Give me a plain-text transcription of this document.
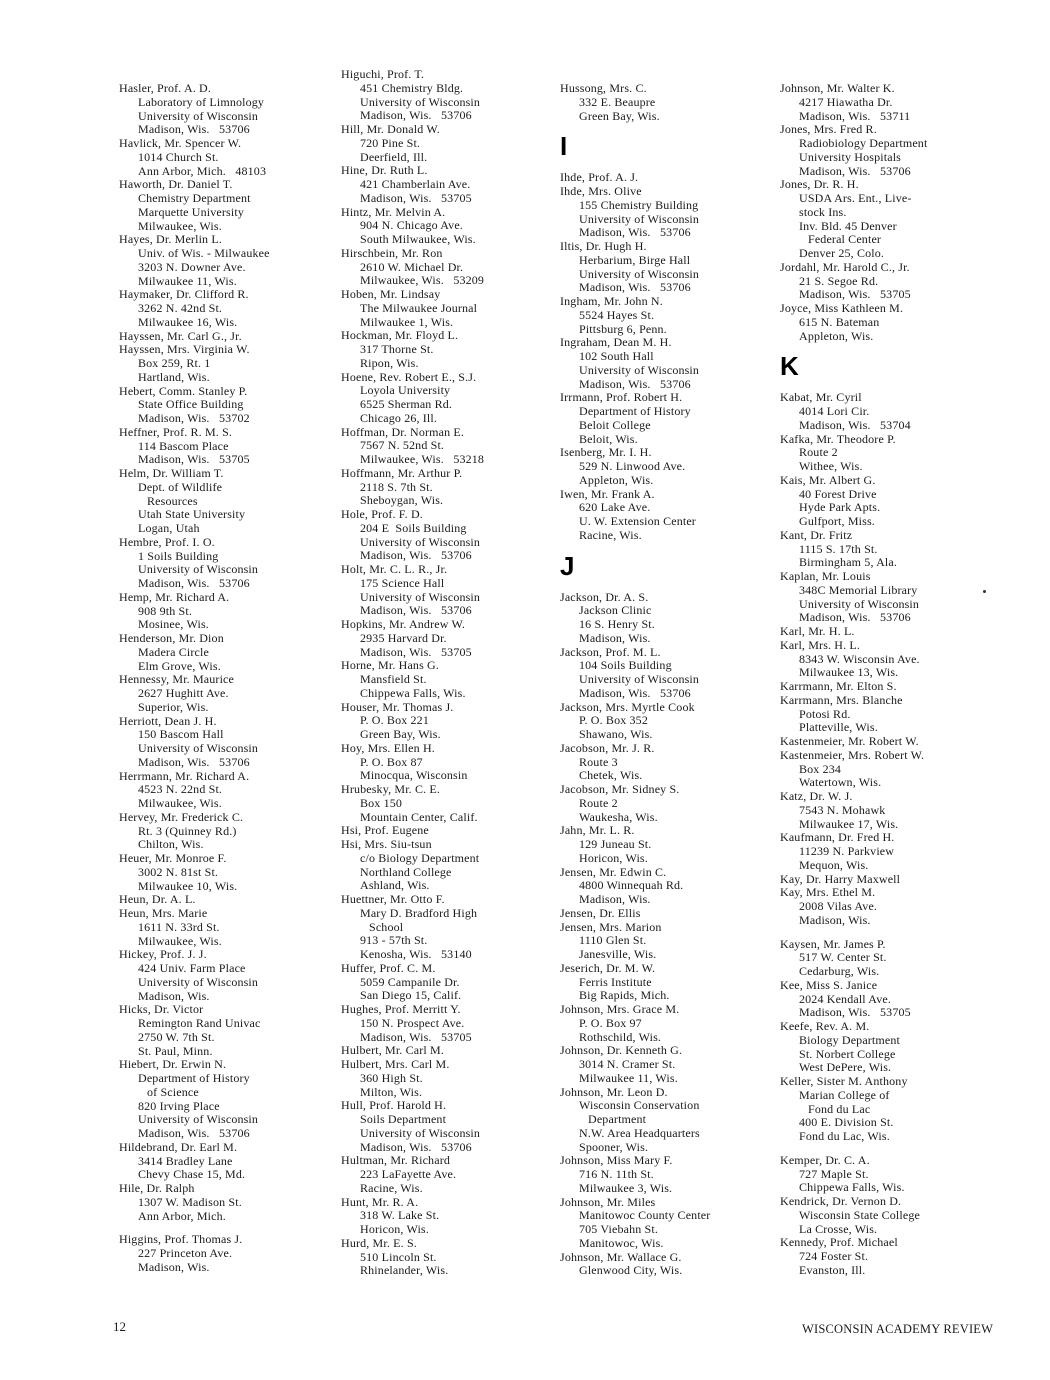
Hasler, Prof. A. D.
Laboratory of Limnology
University of Wisconsin
Madison, Wis.   53706
Havlick, Mr. Spencer W.
1014 Church St.
Ann Arbor, Mich.   48103
Haworth, Dr. Daniel T.
Chemistry Department
Marquette University
Milwaukee, Wis.
Hayes, Dr. Merlin L.
Univ. of Wis. - Milwaukee
3203 N. Downer Ave.
Milwaukee 11, Wis.
Haymaker, Dr. Clifford R.
3262 N. 42nd St.
Milwaukee 16, Wis.
Hayssen, Mr. Carl G., Jr.
Hayssen, Mrs. Virginia W.
Box 259, Rt. 1
Hartland, Wis.
Hebert, Comm. Stanley P.
State Office Building
Madison, Wis.   53702
Heffner, Prof. R. M. S.
114 Bascom Place
Madison, Wis.   53705
Helm, Dr. William T.
Dept. of Wildlife
Resources
Utah State University
Logan, Utah
Hembre, Prof. I. O.
1 Soils Building
University of Wisconsin
Madison, Wis.   53706
Hemp, Mr. Richard A.
908 9th St.
Mosinee, Wis.
Henderson, Mr. Dion
Madera Circle
Elm Grove, Wis.
Hennessy, Mr. Maurice
2627 Hughitt Ave.
Superior, Wis.
Herriott, Dean J. H.
150 Bascom Hall
University of Wisconsin
Madison, Wis.   53706
Herrmann, Mr. Richard A.
4523 N. 22nd St.
Milwaukee, Wis.
Hervey, Mr. Frederick C.
Rt. 3 (Quinney Rd.)
Chilton, Wis.
Heuer, Mr. Monroe F.
3002 N. 81st St.
Milwaukee 10, Wis.
Heun, Dr. A. L.
Heun, Mrs. Marie
1611 N. 33rd St.
Milwaukee, Wis.
Hickey, Prof. J. J.
424 Univ. Farm Place
University of Wisconsin
Madison, Wis.
Hicks, Dr. Victor
Remington Rand Univac
2750 W. 7th St.
St. Paul, Minn.
Hiebert, Dr. Erwin N.
Department of History
of Science
820 Irving Place
University of Wisconsin
Madison, Wis.   53706
Hildebrand, Dr. Earl M.
3414 Bradley Lane
Chevy Chase 15, Md.
Hile, Dr. Ralph
1307 W. Madison St.
Ann Arbor, Mich.
Higgins, Prof. Thomas J.
227 Princeton Ave.
Madison, Wis.
Higuchi, Prof. T.
451 Chemistry Bldg.
University of Wisconsin
Madison, Wis.   53706
Hill, Mr. Donald W.
720 Pine St.
Deerfield, Ill.
Hine, Dr. Ruth L.
421 Chamberlain Ave.
Madison, Wis.   53705
Hintz, Mr. Melvin A.
904 N. Chicago Ave.
South Milwaukee, Wis.
Hirschbein, Mr. Ron
2610 W. Michael Dr.
Milwaukee, Wis.   53209
Hoben, Mr. Lindsay
The Milwaukee Journal
Milwaukee 1, Wis.
Hockman, Mr. Floyd L.
317 Thorne St.
Ripon, Wis.
Hoene, Rev. Robert E., S.J.
Loyola University
6525 Sherman Rd.
Chicago 26, Ill.
Hoffman, Dr. Norman E.
7567 N. 52nd St.
Milwaukee, Wis.   53218
Hoffmann, Mr. Arthur P.
2118 S. 7th St.
Sheboygan, Wis.
Hole, Prof. F. D.
204 E  Soils Building
University of Wisconsin
Madison, Wis.   53706
Holt, Mr. C. L. R., Jr.
175 Science Hall
University of Wisconsin
Madison, Wis.   53706
Hopkins, Mr. Andrew W.
2935 Harvard Dr.
Madison, Wis.   53705
Horne, Mr. Hans G.
Mansfield St.
Chippewa Falls, Wis.
Houser, Mr. Thomas J.
P. O. Box 221
Green Bay, Wis.
Hoy, Mrs. Ellen H.
P. O. Box 87
Minocqua, Wisconsin
Hrubesky, Mr. C. E.
Box 150
Mountain Center, Calif.
Hsi, Prof. Eugene
Hsi, Mrs. Siu-tsun
c/o Biology Department
Northland College
Ashland, Wis.
Huettner, Mr. Otto F.
Mary D. Bradford High
School
913 - 57th St.
Kenosha, Wis.   53140
Huffer, Prof. C. M.
5059 Campanile Dr.
San Diego 15, Calif.
Hughes, Prof. Merritt Y.
150 N. Prospect Ave.
Madison, Wis.   53705
Hulbert, Mr. Carl M.
Hulbert, Mrs. Carl M.
360 High St.
Milton, Wis.
Hull, Prof. Harold H.
Soils Department
University of Wisconsin
Madison, Wis.   53706
Hultman, Mr. Richard
223 LaFayette Ave.
Racine, Wis.
Hunt, Mr. R. A.
318 W. Lake St.
Horicon, Wis.
Hurd, Mr. E. S.
510 Lincoln St.
Rhinelander, Wis.
Hussong, Mrs. C.
332 E. Beaupre
Green Bay, Wis.
I
Ihde, Prof. A. J.
Ihde, Mrs. Olive
155 Chemistry Building
University of Wisconsin
Madison, Wis.   53706
Iltis, Dr. Hugh H.
Herbarium, Birge Hall
University of Wisconsin
Madison, Wis.   53706
Ingham, Mr. John N.
5524 Hayes St.
Pittsburg 6, Penn.
Ingraham, Dean M. H.
102 South Hall
University of Wisconsin
Madison, Wis.   53706
Irrmann, Prof. Robert H.
Department of History
Beloit College
Beloit, Wis.
Isenberg, Mr. I. H.
529 N. Linwood Ave.
Appleton, Wis.
Iwen, Mr. Frank A.
620 Lake Ave.
U. W. Extension Center
Racine, Wis.
J
Jackson, Dr. A. S.
Jackson Clinic
16 S. Henry St.
Madison, Wis.
Jackson, Prof. M. L.
104 Soils Building
University of Wisconsin
Madison, Wis.   53706
Jackson, Mrs. Myrtle Cook
P. O. Box 352
Shawano, Wis.
Jacobson, Mr. J. R.
Route 3
Chetek, Wis.
Jacobson, Mr. Sidney S.
Route 2
Waukesha, Wis.
Jahn, Mr. L. R.
129 Juneau St.
Horicon, Wis.
Jensen, Mr. Edwin C.
4800 Winnequah Rd.
Madison, Wis.
Jensen, Dr. Ellis
Jensen, Mrs. Marion
1110 Glen St.
Janesville, Wis.
Jeserich, Dr. M. W.
Ferris Institute
Big Rapids, Mich.
Johnson, Mrs. Grace M.
P. O. Box 97
Rothschild, Wis.
Johnson, Dr. Kenneth G.
3014 N. Cramer St.
Milwaukee 11, Wis.
Johnson, Mr. Leon D.
Wisconsin Conservation
Department
N.W. Area Headquarters
Spooner, Wis.
Johnson, Miss Mary F.
716 N. 11th St.
Milwaukee 3, Wis.
Johnson, Mr. Miles
Manitowoc County Center
705 Viebahn St.
Manitowoc, Wis.
Johnson, Mr. Wallace G.
Glenwood City, Wis.
Johnson, Mr. Walter K.
4217 Hiawatha Dr.
Madison, Wis.   53711
Jones, Mrs. Fred R.
Radiobiology Department
University Hospitals
Madison, Wis.   53706
Jones, Dr. R. H.
USDA Ars. Ent., Live-
stock Ins.
Inv. Bld. 45 Denver
Federal Center
Denver 25, Colo.
Jordahl, Mr. Harold C., Jr.
21 S. Segoe Rd.
Madison, Wis.   53705
Joyce, Miss Kathleen M.
615 N. Bateman
Appleton, Wis.
K
Kabat, Mr. Cyril
4014 Lori Cir.
Madison, Wis.   53704
Kafka, Mr. Theodore P.
Route 2
Withee, Wis.
Kais, Mr. Albert G.
40 Forest Drive
Hyde Park Apts.
Gulfport, Miss.
Kant, Dr. Fritz
1115 S. 17th St.
Birmingham 5, Ala.
Kaplan, Mr. Louis
348C Memorial Library
University of Wisconsin
Madison, Wis.   53706
Karl, Mr. H. L.
Karl, Mrs. H. L.
8343 W. Wisconsin Ave.
Milwaukee 13, Wis.
Karrmann, Mr. Elton S.
Karrmann, Mrs. Blanche
Potosi Rd.
Platteville, Wis.
Kastenmeier, Mr. Robert W.
Kastenmeier, Mrs. Robert W.
Box 234
Watertown, Wis.
Katz, Dr. W. J.
7543 N. Mohawk
Milwaukee 17, Wis.
Kaufmann, Dr. Fred H.
11239 N. Parkview
Mequon, Wis.
Kay, Dr. Harry Maxwell
Kay, Mrs. Ethel M.
2008 Vilas Ave.
Madison, Wis.
Kaysen, Mr. James P.
517 W. Center St.
Cedarburg, Wis.
Kee, Miss S. Janice
2024 Kendall Ave.
Madison, Wis.   53705
Keefe, Rev. A. M.
Biology Department
St. Norbert College
West DePere, Wis.
Keller, Sister M. Anthony
Marian College of
Fond du Lac
400 E. Division St.
Fond du Lac, Wis.
Kemper, Dr. C. A.
727 Maple St.
Chippewa Falls, Wis.
Kendrick, Dr. Vernon D.
Wisconsin State College
La Crosse, Wis.
Kennedy, Prof. Michael
724 Foster St.
Evanston, Ill.
12	WISCONSIN ACADEMY REVIEW
